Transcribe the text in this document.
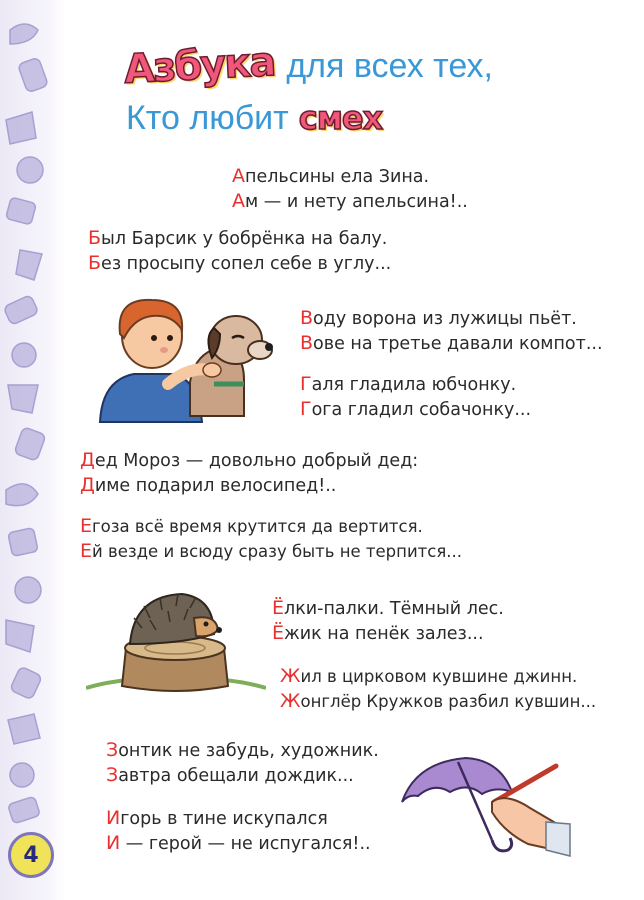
4
Азбука для всех тех,
Кто любит смех
Апельсины ела Зина.
Ам — и нету апельсина!..
Был Барсик у бобрёнка на балу.
Без просыпу сопел себе в углу...
Воду ворона из лужицы пьёт.
Вове на третье давали компот...
Галя гладила юбчонку.
Гога гладил собачонку...
Дед Мороз — довольно добрый дед:
Диме подарил велосипед!..
Егоза всё время крутится да вертится.
Ей везде и всюду сразу быть не терпится...
Ёлки-палки. Тёмный лес.
Ёжик на пенёк залез...
Жил в цирковом кувшине джинн.
Жонглёр Кружков разбил кувшин...
Зонтик не забудь, художник.
Завтра обещали дождик...
Игорь в тине искупался
И — герой — не испугался!..
